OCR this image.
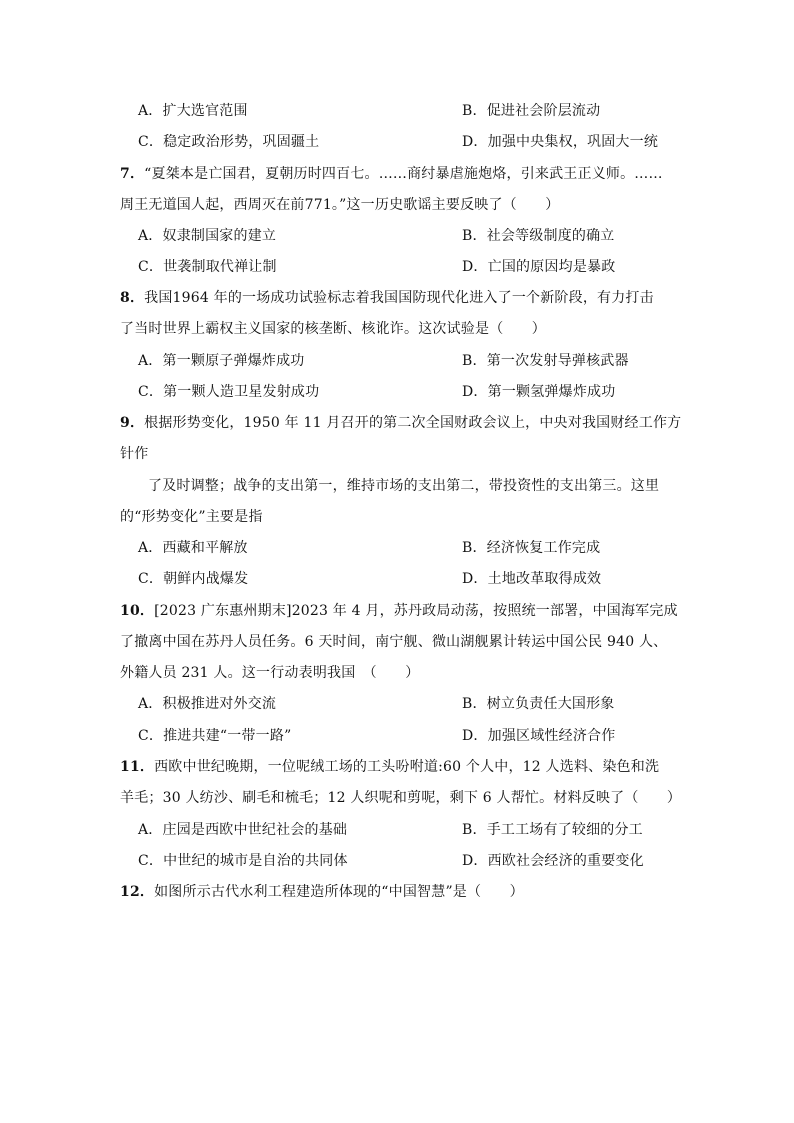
A．扩大选官范围	B．促进社会阶层流动
C．稳定政治形势，巩固疆土	D．加强中央集权，巩固大一统
7．“夏桀本是亡国君，夏朝历时四百七。……商纣暴虐施炮烙，引来武王正义师。……
周王无道国人起，西周灭在前771。”这一历史歌谣主要反映了（　　）
A．奴隶制国家的建立	B．社会等级制度的确立
C．世袭制取代禅让制	D．亡国的原因均是暴政
8．我国1964 年的一场成功试验标志着我国国防现代化进入了一个新阶段，有力打击
了当时世界上霸权主义国家的核垄断、核讹诈。这次试验是（　　）
A．第一颗原子弹爆炸成功	B．第一次发射导弹核武器
C．第一颗人造卫星发射成功	D．第一颗氢弹爆炸成功
9．根据形势变化，1950 年 11 月召开的第二次全国财政会议上，中央对我国财经工作方
针作
了及时调整；战争的支出第一，维持市场的支出第二，带投资性的支出第三。这里
的“形势变化”主要是指
A．西藏和平解放	B．经济恢复工作完成
C．朝鲜内战爆发	D．土地改革取得成效
10．[2023 广东惠州期末]2023 年 4 月，苏丹政局动荡，按照统一部署，中国海军完成
了撤离中国在苏丹人员任务。6 天时间，南宁舰、微山湖舰累计转运中国公民 940 人、
外籍人员 231 人。这一行动表明我国　（　　）
A．积极推进对外交流	B．树立负责任大国形象
C．推进共建“一带一路”	D．加强区域性经济合作
11．西欧中世纪晚期，一位呢绒工场的工头吩咐道:60 个人中，12 人选料、染色和洗
羊毛；30 人纺沙、刷毛和梳毛；12 人织呢和剪呢，剩下 6 人帮忙。材料反映了（　　）
A．庄园是西欧中世纪社会的基础	B．手工工场有了较细的分工
C．中世纪的城市是自治的共同体	D．西欧社会经济的重要变化
12．如图所示古代水利工程建造所体现的“中国智慧”是（　　）
